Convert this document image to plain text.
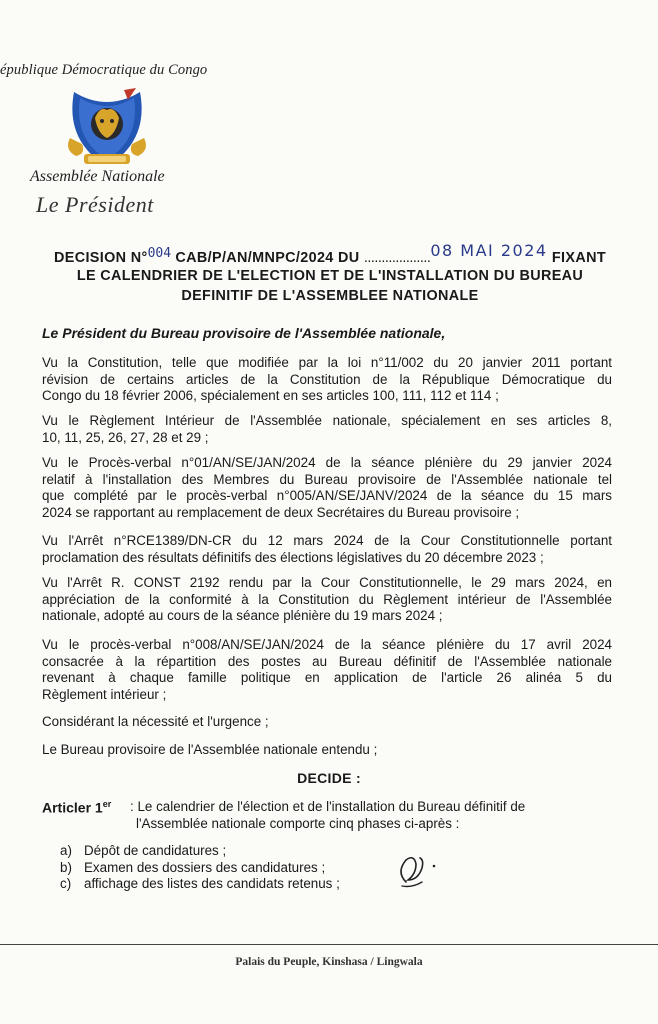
épublique Démocratique du Congo
Assemblée Nationale
Le Président
DECISION N°004 CAB/P/AN/MNPC/2024 DU ...................08 MAI 2024 FIXANT
LE CALENDRIER DE L'ELECTION ET DE L'INSTALLATION DU BUREAU
DEFINITIF DE L'ASSEMBLEE NATIONALE
Le Président du Bureau provisoire de l'Assemblée nationale,
Vu la Constitution, telle que modifiée par la loi n°11/002 du 20 janvier 2011 portant
révision de certains articles de la Constitution de la République Démocratique du
Congo du 18 février 2006, spécialement en ses articles 100, 111, 112 et 114 ;
Vu le Règlement Intérieur de l'Assemblée nationale, spécialement en ses articles 8,
10, 11, 25, 26, 27, 28 et 29 ;
Vu le Procès-verbal n°01/AN/SE/JAN/2024 de la séance plénière du 29 janvier 2024
relatif à l'installation des Membres du Bureau provisoire de l'Assemblée nationale tel
que complété par le procès-verbal n°005/AN/SE/JANV/2024 de la séance du 15 mars
2024 se rapportant au remplacement de deux Secrétaires du Bureau provisoire ;
Vu l'Arrêt n°RCE1389/DN-CR du 12 mars 2024 de la Cour Constitutionnelle portant
proclamation des résultats définitifs des élections législatives du 20 décembre 2023 ;
Vu l'Arrêt R. CONST 2192 rendu par la Cour Constitutionnelle, le 29 mars 2024, en
appréciation de la conformité à la Constitution du Règlement intérieur de l'Assemblée
nationale, adopté au cours de la séance plénière du 19 mars 2024 ;
Vu le procès-verbal n°008/AN/SE/JAN/2024 de la séance plénière du 17 avril 2024
consacrée à la répartition des postes au Bureau définitif de l'Assemblée nationale
revenant à chaque famille politique en application de l'article 26 alinéa 5 du
Règlement intérieur ;
Considérant la nécessité et l'urgence ;
Le Bureau provisoire de l'Assemblée nationale entendu ;
DECIDE :
Articler 1er : Le calendrier de l'élection et de l'installation du Bureau définitif de
l'Assemblée nationale comporte cinq phases ci-après :
a) Dépôt de candidatures ;
b) Examen des dossiers des candidatures ;
c) affichage des listes des candidats retenus ;
Palais du Peuple, Kinshasa / Lingwala
